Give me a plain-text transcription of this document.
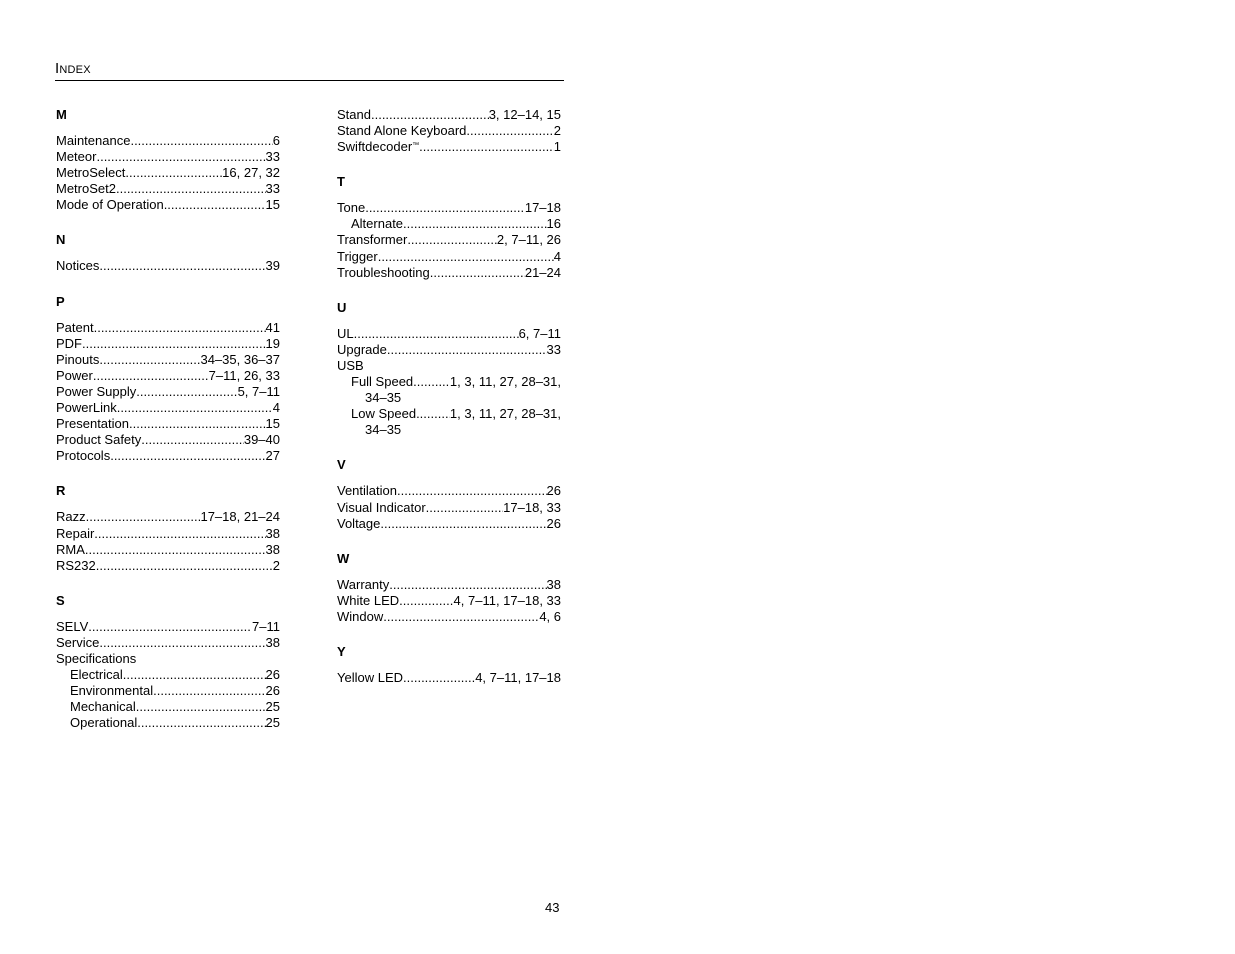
Index
M
Maintenance .....	6
Meteor .....	33
MetroSelect .....	16, 27, 32
MetroSet2 .....	33
Mode of Operation .....	15
N
Notices .....	39
P
Patent .....	41
PDF .....	19
Pinouts .....	34–35, 36–37
Power .....	7–11, 26, 33
Power Supply .....	5, 7–11
PowerLink .....	4
Presentation .....	15
Product Safety .....	39–40
Protocols .....	27
R
Razz .....	17–18, 21–24
Repair .....	38
RMA .....	38
RS232 .....	2
S
SELV .....	7–11
Service .....	38
Specifications
Electrical .....	26
Environmental .....	26
Mechanical .....	25
Operational .....	25
Stand .....	3, 12–14, 15
Stand Alone Keyboard .....	2
Swiftdecoder™ .....	1
T
Tone .....	17–18
Alternate .....	16
Transformer .....	2, 7–11, 26
Trigger .....	4
Troubleshooting .....	21–24
U
UL .....	6, 7–11
Upgrade .....	33
USB
Full Speed .....	1, 3, 11, 27, 28–31,
34–35
Low Speed .....	1, 3, 11, 27, 28–31,
34–35
V
Ventilation .....	26
Visual Indicator .....	17–18, 33
Voltage .....	26
W
Warranty .....	38
White LED .....	4, 7–11, 17–18, 33
Window .....	4, 6
Y
Yellow LED .....	4, 7–11, 17–18
43
